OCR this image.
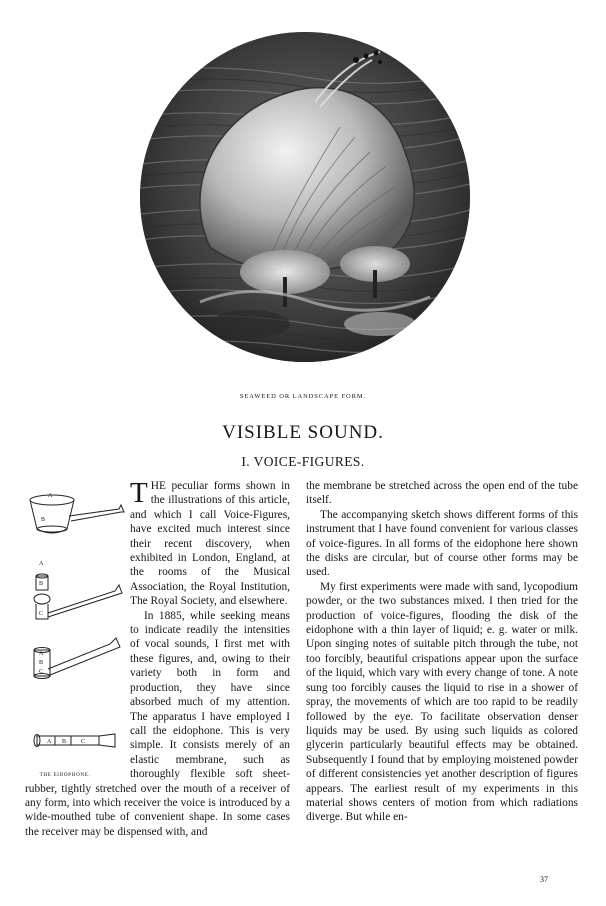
SEAWEED OR LANDSCAPE FORM.
VISIBLE SOUND.
I. VOICE-FIGURES.
A
B
A
B
C
A
B
C
A B C
THE EIDOPHONE.

THE peculiar forms shown in the illustrations of this article, and which I call Voice-Figures, have excited much interest since their recent discovery, when exhibited in London, England, at the rooms of the Musical Association, the Royal Institution, The Royal Society, and elsewhere.

In 1885, while seeking means to indicate readily the intensities of vocal sounds, I first met with these figures, and, owing to their variety both in form and production, they have since absorbed much of my attention. The apparatus I have employed I call the eidophone. This is very simple. It consists merely of an elastic membrane, such as thoroughly flexible soft sheet-rubber, tightly stretched over the mouth of a receiver of any form, into which receiver the voice is introduced by a wide-mouthed tube of convenient shape. In some cases the receiver may be dispensed with, and

the membrane be stretched across the open end of the tube itself.

The accompanying sketch shows different forms of this instrument that I have found convenient for various classes of voice-figures. In all forms of the eidophone here shown the disks are circular, but of course other forms may be used.

My first experiments were made with sand, lycopodium powder, or the two substances mixed. I then tried for the production of voice-figures, flooding the disk of the eidophone with a thin layer of liquid; e. g. water or milk. Upon singing notes of suitable pitch through the tube, not too forcibly, beautiful crispations appear upon the surface of the liquid, which vary with every change of tone. A note sung too forcibly causes the liquid to rise in a shower of spray, the movements of which are too rapid to be readily followed by the eye. To facilitate observation denser liquids may be used. By using such liquids as colored glycerin particularly beautiful effects may be obtained. Subsequently I found that by employing moistened powder of different consistencies yet another description of figures appears. The earliest result of my experiments in this material shows centers of motion from which radiations diverge. But while en-

37
